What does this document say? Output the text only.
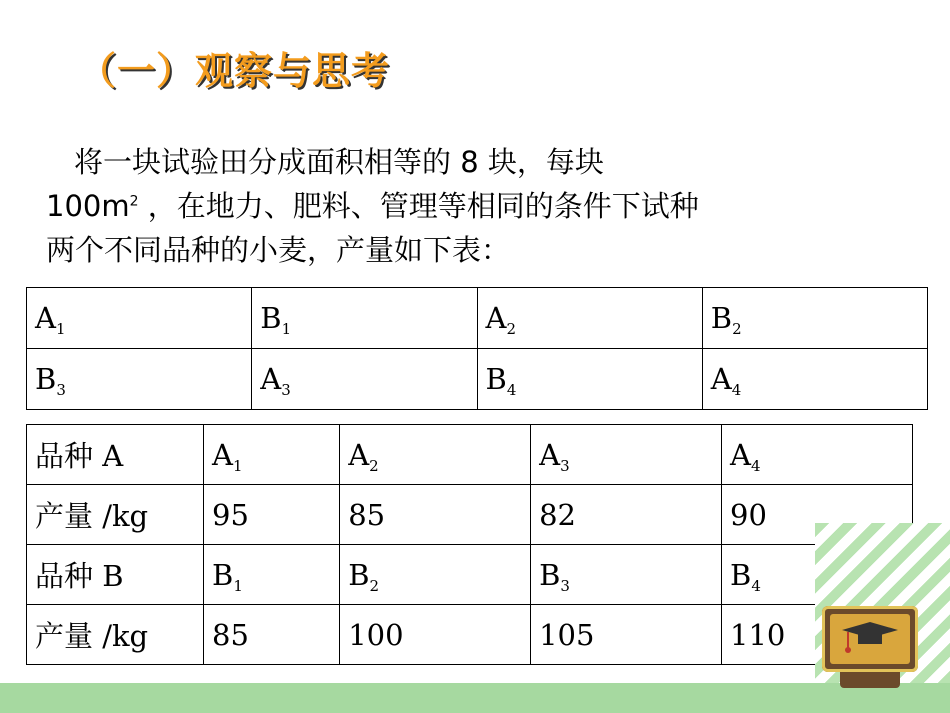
（一）观察与思考
将一块试验田分成面积相等的 8 块，每块
$100m^2$ ，在地力、肥料、管理等相同的条件下试种
两个不同品种的小麦，产量如下表：
$A_1$	$B_1$	$A_2$	$B_2$
$B_3$	$A_3$	$B_4$	$A_4$
品种 A	$A_1$	$A_2$	$A_3$	$A_4$
产量 /kg	95	85	82	90
品种 B	$B_1$	$B_2$	$B_3$	$B_4$
产量 /kg	85	100	105	110
